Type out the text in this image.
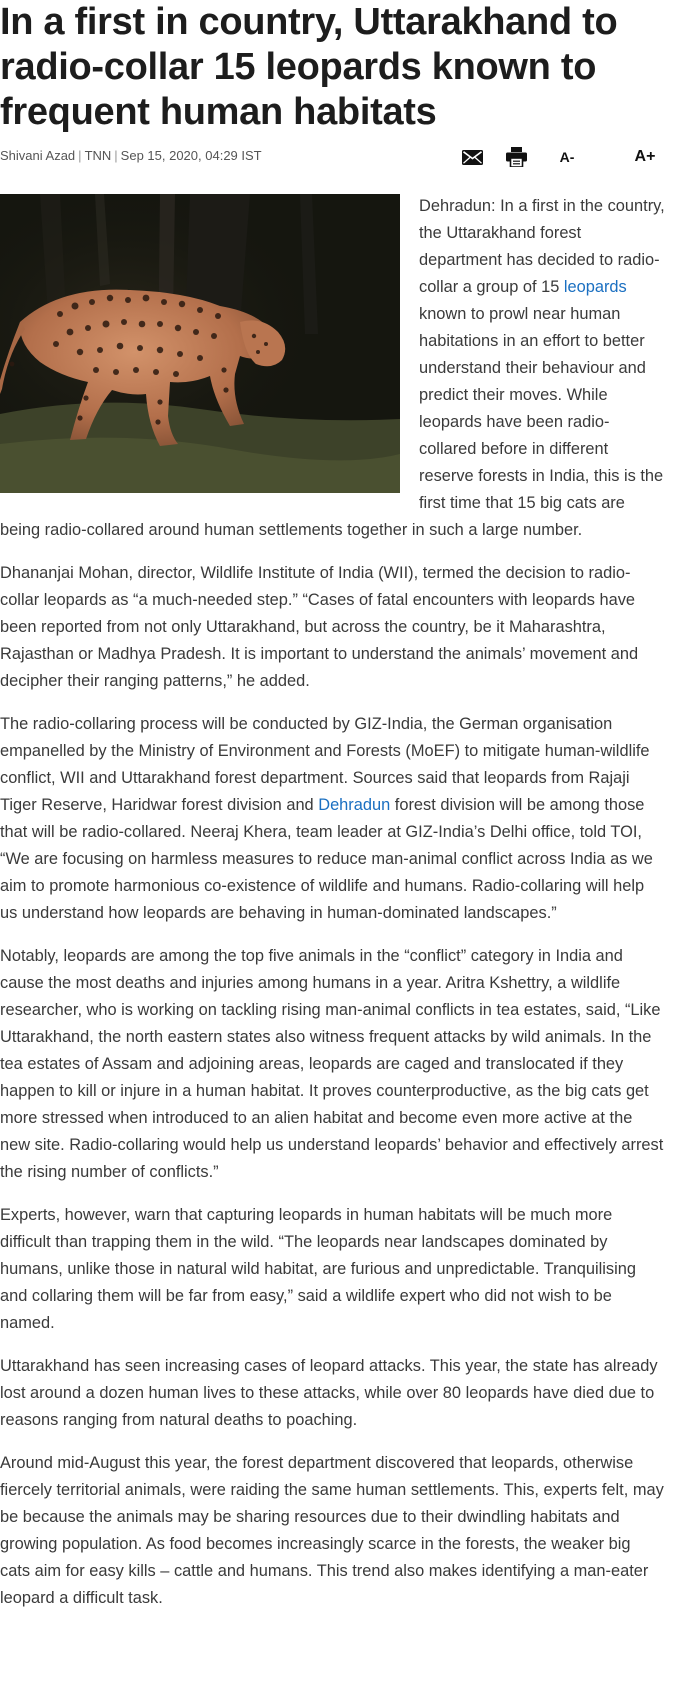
In a first in country, Uttarakhand to radio-collar 15 leopards known to frequent human habitats
Shivani Azad | TNN | Sep 15, 2020, 04:29 IST	A-	A+

Dehradun: In a first in the country, the Uttarakhand forest department has decided to radio-collar a group of 15 leopards known to prowl near human habitations in an effort to better understand their behaviour and predict their moves. While leopards have been radio-collared before in different reserve forests in India, this is the first time that 15 big cats are being radio-collared around human settlements together in such a large number.

Dhananjai Mohan, director, Wildlife Institute of India (WII), termed the decision to radio-collar leopards as “a much-needed step.” “Cases of fatal encounters with leopards have been reported from not only Uttarakhand, but across the country, be it Maharashtra, Rajasthan or Madhya Pradesh. It is important to understand the animals’ movement and decipher their ranging patterns,” he added.

The radio-collaring process will be conducted by GIZ-India, the German organisation empanelled by the Ministry of Environment and Forests (MoEF) to mitigate human-wildlife conflict, WII and Uttarakhand forest department. Sources said that leopards from Rajaji Tiger Reserve, Haridwar forest division and Dehradun forest division will be among those that will be radio-collared. Neeraj Khera, team leader at GIZ-India’s Delhi office, told TOI, “We are focusing on harmless measures to reduce man-animal conflict across India as we aim to promote harmonious co-existence of wildlife and humans. Radio-collaring will help us understand how leopards are behaving in human-dominated landscapes.”

Notably, leopards are among the top five animals in the “conflict” category in India and cause the most deaths and injuries among humans in a year. Aritra Kshettry, a wildlife researcher, who is working on tackling rising man-animal conflicts in tea estates, said, “Like Uttarakhand, the north eastern states also witness frequent attacks by wild animals. In the tea estates of Assam and adjoining areas, leopards are caged and translocated if they happen to kill or injure in a human habitat. It proves counterproductive, as the big cats get more stressed when introduced to an alien habitat and become even more active at the new site. Radio-collaring would help us understand leopards’ behavior and effectively arrest the rising number of conflicts.”

Experts, however, warn that capturing leopards in human habitats will be much more difficult than trapping them in the wild. “The leopards near landscapes dominated by humans, unlike those in natural wild habitat, are furious and unpredictable. Tranquilising and collaring them will be far from easy,” said a wildlife expert who did not wish to be named.

Uttarakhand has seen increasing cases of leopard attacks. This year, the state has already lost around a dozen human lives to these attacks, while over 80 leopards have died due to reasons ranging from natural deaths to poaching.

Around mid-August this year, the forest department discovered that leopards, otherwise fiercely territorial animals, were raiding the same human settlements. This, experts felt, may be because the animals may be sharing resources due to their dwindling habitats and growing population. As food becomes increasingly scarce in the forests, the weaker big cats aim for easy kills – cattle and humans. This trend also makes identifying a man-eater leopard a difficult task.
